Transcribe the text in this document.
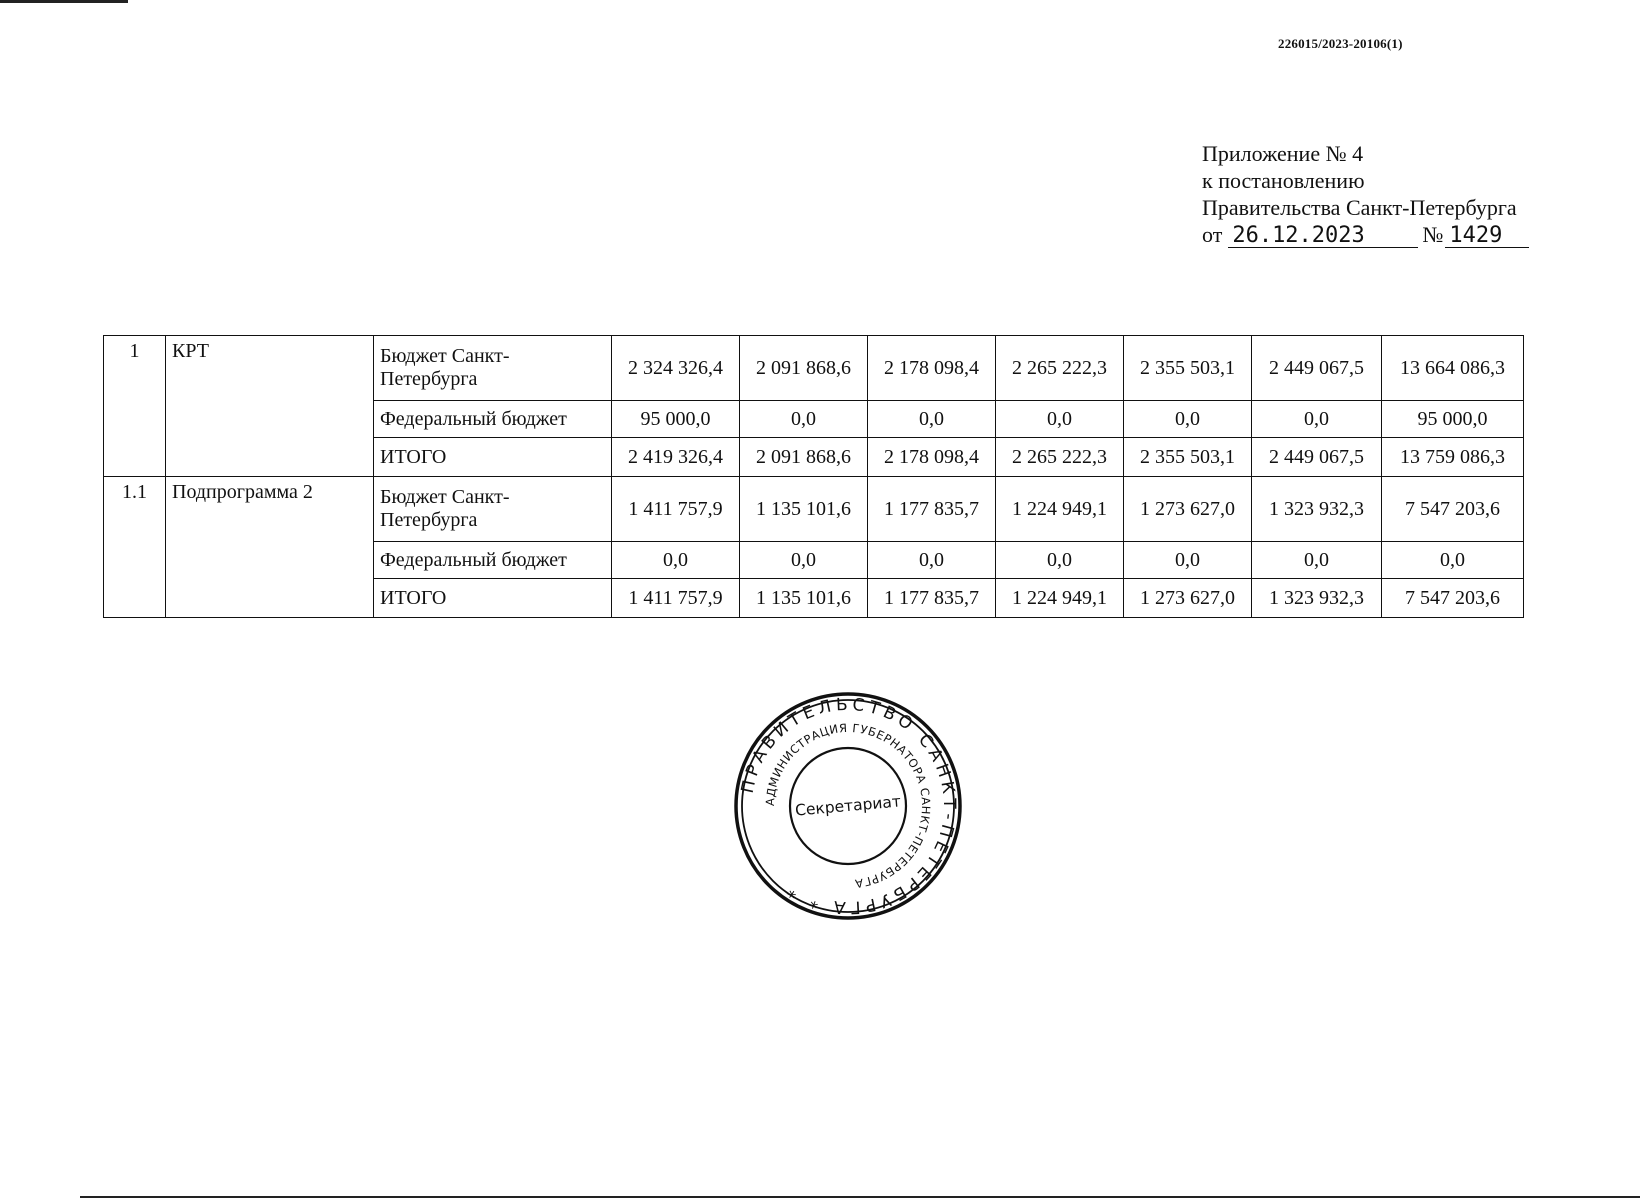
226015/2023-20106(1)
Приложение № 4
к постановлению
Правительства Санкт-Петербурга
от 26.12.2023	№ 1429
1	КРТ	Бюджет Санкт-Петербурга	2 324 326,4	2 091 868,6	2 178 098,4	2 265 222,3	2 355 503,1	2 449 067,5	13 664 086,3
		Федеральный бюджет	95 000,0	0,0	0,0	0,0	0,0	0,0	95 000,0
		ИТОГО	2 419 326,4	2 091 868,6	2 178 098,4	2 265 222,3	2 355 503,1	2 449 067,5	13 759 086,3
1.1	Подпрограмма 2	Бюджет Санкт-Петербурга	1 411 757,9	1 135 101,6	1 177 835,7	1 224 949,1	1 273 627,0	1 323 932,3	7 547 203,6
		Федеральный бюджет	0,0	0,0	0,0	0,0	0,0	0,0	0,0
		ИТОГО	1 411 757,9	1 135 101,6	1 177 835,7	1 224 949,1	1 273 627,0	1 323 932,3	7 547 203,6
ПРАВИТЕЛЬСТВО САНКТ-ПЕТЕРБУРГА * *
АДМИНИСТРАЦИЯ ГУБЕРНАТОРА САНКТ-ПЕТЕРБУРГА
Секретариат
